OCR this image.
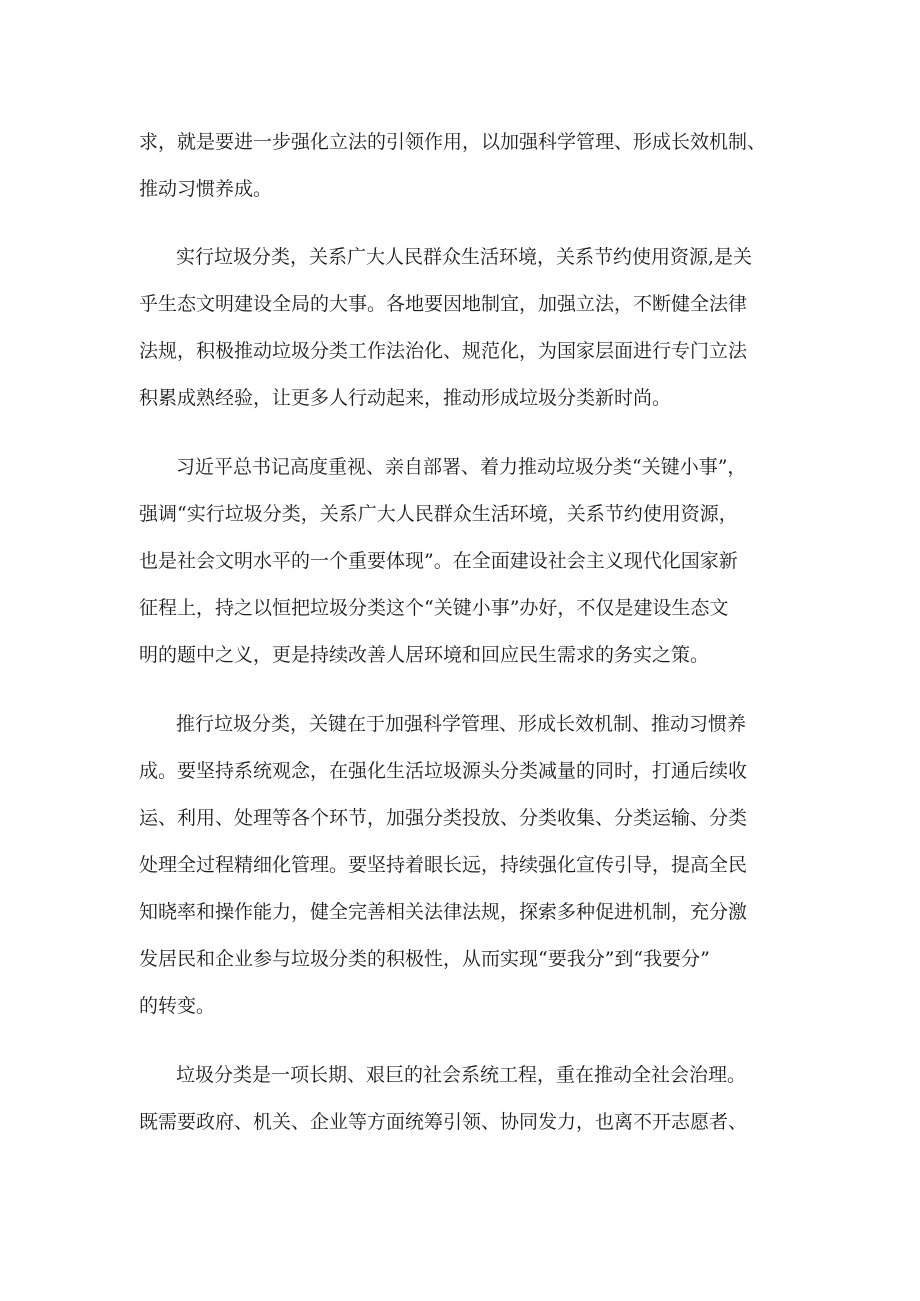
求，就是要进一步强化立法的引领作用，以加强科学管理、形成长效机制、

推动习惯养成。

实行垃圾分类，关系广大人民群众生活环境，关系节约使用资源,是关

乎生态文明建设全局的大事。各地要因地制宜，加强立法，不断健全法律

法规，积极推动垃圾分类工作法治化、规范化，为国家层面进行专门立法

积累成熟经验，让更多人行动起来，推动形成垃圾分类新时尚。

习近平总书记高度重视、亲自部署、着力推动垃圾分类“关键小事”，

强调“实行垃圾分类，关系广大人民群众生活环境，关系节约使用资源，

也是社会文明水平的一个重要体现”。在全面建设社会主义现代化国家新

征程上，持之以恒把垃圾分类这个“关键小事”办好，不仅是建设生态文

明的题中之义，更是持续改善人居环境和回应民生需求的务实之策。

推行垃圾分类，关键在于加强科学管理、形成长效机制、推动习惯养

成。要坚持系统观念，在强化生活垃圾源头分类减量的同时，打通后续收

运、利用、处理等各个环节，加强分类投放、分类收集、分类运输、分类

处理全过程精细化管理。要坚持着眼长远，持续强化宣传引导，提高全民

知晓率和操作能力，健全完善相关法律法规，探索多种促进机制，充分激

发居民和企业参与垃圾分类的积极性，从而实现“要我分”到“我要分”

的转变。

垃圾分类是一项长期、艰巨的社会系统工程，重在推动全社会治理。

既需要政府、机关、企业等方面统筹引领、协同发力，也离不开志愿者、
